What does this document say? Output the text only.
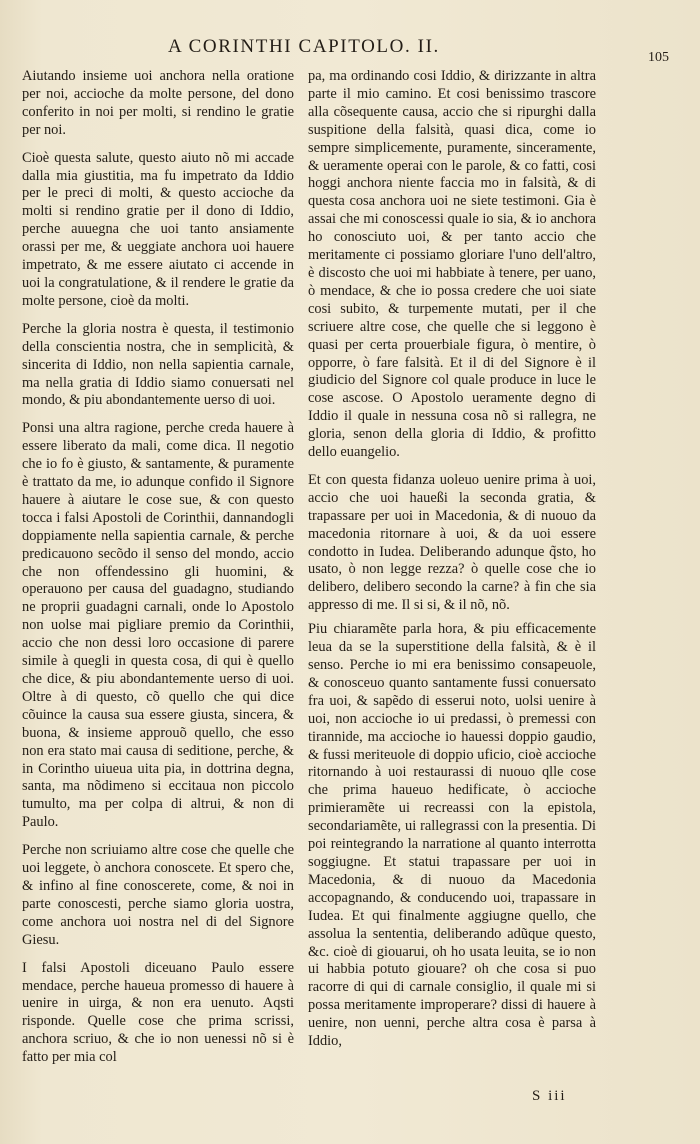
A CORINTHI CAPITOLO. II.
105

Aiutando insieme uoi anchora nella oratione per noi, accioche da molte persone, del dono conferito in noi per molti, si rendino le gratie per noi.

Cioè questa salute, questo aiuto nõ mi accade dalla mia giustitia, ma fu impetrato da Iddio per le preci di molti, & questo accioche da molti si rendino gratie per il dono di Iddio, perche auuegna che uoi tanto ansiamente orassi per me, & ueggiate anchora uoi hauere impetrato, & me essere aiutato ci accende in uoi la congratulatione, & il rendere le gratie da molte persone, cioè da molti.

Perche la gloria nostra è questa, il testimonio della conscientia nostra, che in semplicità, & sincerita di Iddio, non nella sapientia carnale, ma nella gratia di Iddio siamo conuersati nel mondo, & piu abondantemente uerso di uoi.

Ponsi una altra ragione, perche creda hauere à essere liberato da mali, come dica. Il negotio che io fo è giusto, & santamente, & puramente è trattato da me, io adunque confido il Signore hauere à aiutare le cose sue, & con questo tocca i falsi Apostoli de Corinthii, dannandogli doppiamente nella sapientia carnale, & perche predicauono secõdo il senso del mondo, accio che non offendessino gli huomini, & operauono per causa del guadagno, studiando ne proprii guadagni carnali, onde lo Apostolo non uolse mai pigliare premio da Corinthii, accio che non dessi loro occasione di parere simile à quegli in questa cosa, di qui è quello che dice, & piu abondantemente uerso di uoi. Oltre à di questo, cõ quello che qui dice cõuince la causa sua essere giusta, sincera, & buona, & insieme approuõ quello, che esso non era stato mai causa di seditione, perche, & in Corintho uiueua uita pia, in dottrina degna, santa, ma nõdimeno si eccitaua non piccolo tumulto, ma per colpa di altrui, & non di Paulo.

Perche non scriuiamo altre cose che quelle che uoi leggete, ò anchora conoscete. Et spero che, & infino al fine conoscerete, come, & noi in parte conoscesti, perche siamo gloria uostra, come anchora uoi nostra nel di del Signore Giesu.

I falsi Apostoli diceuano Paulo essere mendace, perche haueua promesso di hauere à uenire in uirga, & non era uenuto. Aqsti risponde. Quelle cose che prima scrissi, anchora scriuo, & che io non uenessi nõ si è fatto per mia col

pa, ma ordinando cosi Iddio, & dirizzante in altra parte il mio camino. Et cosi benissimo trascore alla cõsequente causa, accio che si ripurghi dalla suspitione della falsità, quasi dica, come io sempre simplicemente, puramente, sinceramente, & ueramente operai con le parole, & co fatti, cosi hoggi anchora niente faccia mo in falsità, & di questa cosa anchora uoi ne siete testimoni. Gia è assai che mi conoscessi quale io sia, & io anchora ho conosciuto uoi, & per tanto accio che meritamente ci possiamo gloriare l'uno dell'altro, è discosto che uoi mi habbiate à tenere, per uano, ò mendace, & che io possa credere che uoi siate cosi subito, & turpemente mutati, per il che scriuere altre cose, che quelle che si leggono è quasi per certa prouerbiale figura, ò mentire, ò opporre, ò fare falsità. Et il di del Signore è il giudicio del Signore col quale produce in luce le cose ascose. O Apostolo ueramente degno di Iddio il quale in nessuna cosa nõ si rallegra, ne gloria, senon della gloria di Iddio, & profitto dello euangelio.

Et con questa fidanza uoleuo uenire prima à uoi, accio che uoi haueßi la seconda gratia, & trapassare per uoi in Macedonia, & di nuouo da macedonia ritornare à uoi, & da uoi essere condotto in Iudea. Deliberando adunque q̃sto, ho usato, ò non legge rezza? ò quelle cose che io delibero, delibero secondo la carne? à fin che sia appresso di me. Il si si, & il nõ, nõ.

Piu chiaramẽte parla hora, & piu efficacemente leua da se la superstitione della falsità, & è il senso. Perche io mi era benissimo consapeuole, & conosceuo quanto santamente fussi conuersato fra uoi, & sapẽdo di esserui noto, uolsi uenire à uoi, non accioche io ui predassi, ò premessi con tirannide, ma accioche io hauessi doppio gaudio, & fussi meriteuole di doppio uficio, cioè accioche ritornando à uoi restaurassi di nuouo qlle cose che prima haueuo hedificate, ò accioche primieramẽte ui recreassi con la epistola, secondariamẽte, ui rallegrassi con la presentia. Di poi reintegrando la narratione al quanto interrotta soggiugne. Et statui trapassare per uoi in Macedonia, & di nuouo da Macedonia accopagnando, & conducendo uoi, trapassare in Iudea. Et qui finalmente aggiugne quello, che assolua la sententia, deliberando adũque questo, &c. cioè di giouarui, oh ho usata leuita, se io non ui habbia potuto giouare? oh che cosa si puo racorre di qui di carnale consiglio, il quale mi si possa meritamente improperare? dissi di hauere à uenire, non uenni, perche altra cosa è parsa à Iddio,

S iii
